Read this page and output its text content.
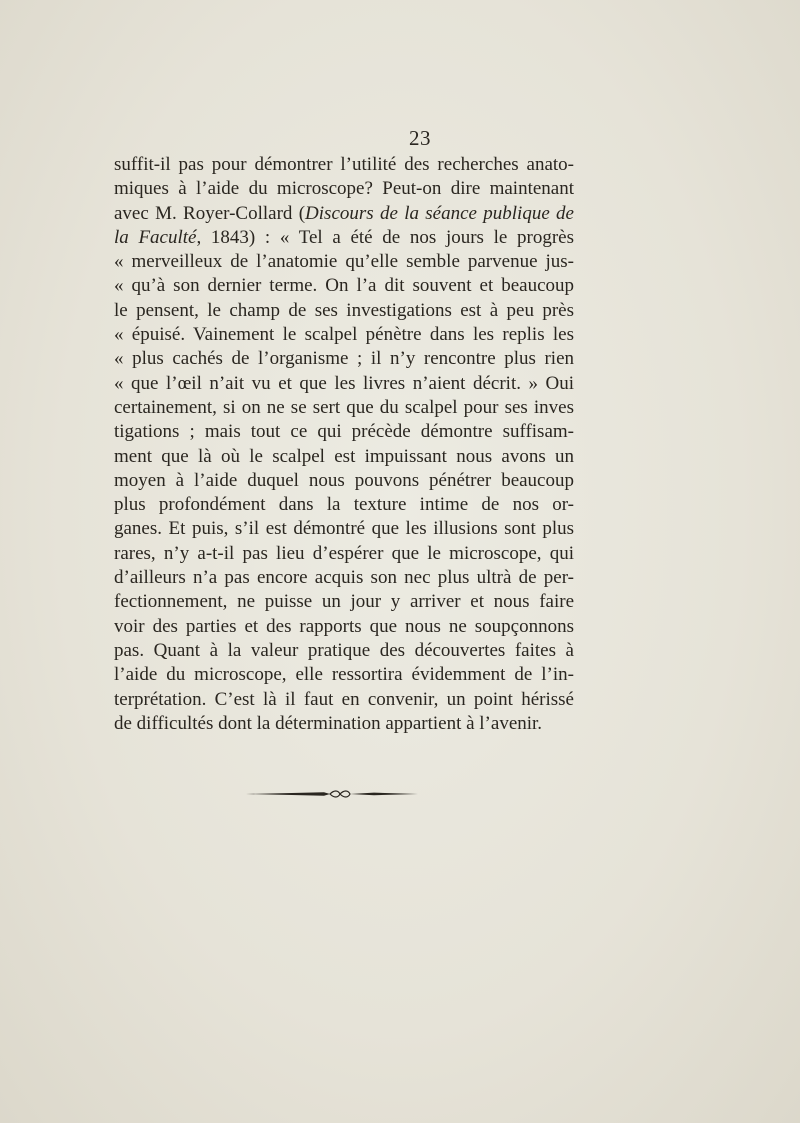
23
suffit-il pas pour démontrer l’utilité des recherches anato-
miques à l’aide du microscope? Peut-on dire maintenant
avec M. Royer-Collard (Discours de la séance publique de
la Faculté, 1843) : « Tel a été de nos jours le progrès
« merveilleux de l’anatomie qu’elle semble parvenue jus-
« qu’à son dernier terme. On l’a dit souvent et beaucoup
le pensent, le champ de ses investigations est à peu près
« épuisé. Vainement le scalpel pénètre dans les replis les
« plus cachés de l’organisme ; il n’y rencontre plus rien
« que l’œil n’ait vu et que les livres n’aient décrit. » Oui
certainement, si on ne se sert que du scalpel pour ses inves
tigations ; mais tout ce qui précède démontre suffisam-
ment que là où le scalpel est impuissant nous avons un
moyen à l’aide duquel nous pouvons pénétrer beaucoup
plus profondément dans la texture intime de nos or-
ganes. Et puis, s’il est démontré que les illusions sont plus
rares, n’y a-t-il pas lieu d’espérer que le microscope, qui
d’ailleurs n’a pas encore acquis son nec plus ultrà de per-
fectionnement, ne puisse un jour y arriver et nous faire
voir des parties et des rapports que nous ne soupçonnons
pas. Quant à la valeur pratique des découvertes faites à
l’aide du microscope, elle ressortira évidemment de l’in-
terprétation. C’est là il faut en convenir, un point hérissé
de difficultés dont la détermination appartient à l’avenir.
